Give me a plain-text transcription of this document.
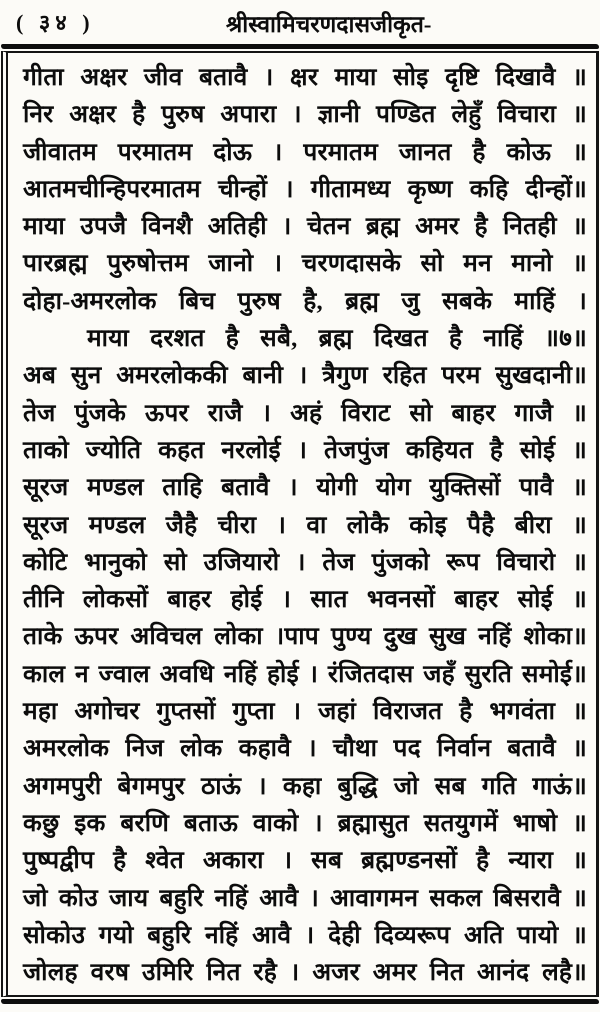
( ३४ )	श्रीस्वामिचरणदासजीकृत-
गीता अक्षर जीव बतावै । क्षर माया सोइ दृष्टि दिखावै ॥
निर अक्षर है पुरुष अपारा । ज्ञानी पण्डित लेहुँ विचारा ॥
जीवातम परमातम दोऊ । परमातम जानत है कोऊ ॥
आतमचीन्हिपरमातम चीन्हों । गीतामध्य कृष्ण कहि दीन्हों॥
माया उपजै विनशै अतिही । चेतन ब्रह्म अमर है नितही ॥
पारब्रह्म पुरुषोत्तम जानो । चरणदासके सो मन मानो ॥
दोहा-अमरलोक बिच पुरुष है, ब्रह्म जु सबके माहिं ।
माया दरशत है सबै, ब्रह्म दिखत है नाहिं ॥७॥
अब सुन अमरलोककी बानी । त्रैगुण रहित परम सुखदानी॥
तेज पुंजके ऊपर राजै । अहं विराट सो बाहर गाजै ॥
ताको ज्योति कहत नरलोई । तेजपुंज कहियत है सोई ॥
सूरज मण्डल ताहि बतावै । योगी योग युक्तिसों पावै ॥
सूरज मण्डल जैहै चीरा । वा लोकै कोइ पैहै बीरा ॥
कोटि भानुको सो उजियारो । तेज पुंजको रूप विचारो ॥
तीनि लोकसों बाहर होई । सात भवनसों बाहर सोई ॥
ताके ऊपर अविचल लोका ।पाप पुण्य दुख सुख नहिं शोका॥
काल न ज्वाल अवधि नहिं होई । रंजितदास जहँ सुरति समोई॥
महा अगोचर गुप्तसों गुप्ता । जहां विराजत है भगवंता ॥
अमरलोक निज लोक कहावै । चौथा पद निर्वान बतावै ॥
अगमपुरी बेगमपुर ठाऊं । कहा बुद्धि जो सब गति गाऊं॥
कछु इक बरणि बताऊ वाको । ब्रह्मासुत सतयुगमें भाषो ॥
पुष्पद्वीप है श्वेत अकारा । सब ब्रह्मण्डनसों है न्यारा ॥
जो कोउ जाय बहुरि नहिं आवै । आवागमन सकल बिसरावै ॥
सोकोउ गयो बहुरि नहिं आवै । देही दिव्यरूप अति पायो ॥
जोलह वरष उमिरि नित रहै । अजर अमर नित आनंद लहै॥
